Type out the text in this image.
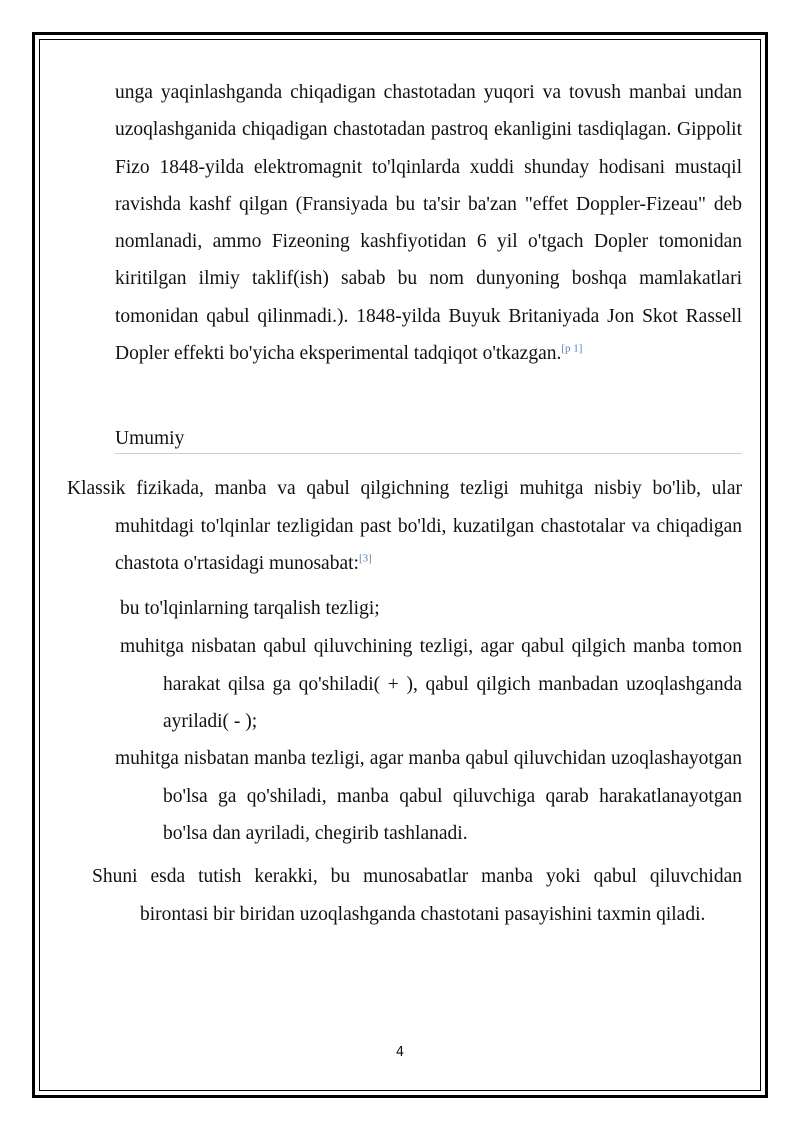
unga yaqinlashganda chiqadigan chastotadan yuqori va tovush manbai undan uzoqlashganida chiqadigan chastotadan pastroq ekanligini tasdiqlagan. Gippolit Fizo 1848-yilda elektromagnit to'lqinlarda xuddi shunday hodisani mustaqil ravishda kashf qilgan (Fransiyada bu ta'sir ba'zan "effet Doppler-Fizeau" deb nomlanadi, ammo Fizeoning kashfiyotidan 6 yil o'tgach Dopler tomonidan kiritilgan ilmiy taklif(ish) sabab bu nom dunyoning boshqa mamlakatlari tomonidan qabul qilinmadi.). 1848-yilda Buyuk Britaniyada Jon Skot Rassell Dopler effekti bo'yicha eksperimental tadqiqot o'tkazgan.[p 1]

Umumiy

Klassik fizikada, manba va qabul qilgichning tezligi muhitga nisbiy bo'lib, ular muhitdagi to'lqinlar tezligidan past bo'ldi, kuzatilgan chastotalar va chiqadigan chastota o'rtasidagi munosabat:[3]

bu to'lqinlarning tarqalish tezligi;

muhitga nisbatan qabul qiluvchining tezligi, agar qabul qilgich manba tomon harakat qilsa ga qo'shiladi( + ), qabul qilgich manbadan uzoqlashganda ayriladi( - );

muhitga nisbatan manba tezligi, agar manba qabul qiluvchidan uzoqlashayotgan bo'lsa ga qo'shiladi, manba qabul qiluvchiga qarab harakatlanayotgan bo'lsa dan ayriladi, chegirib tashlanadi.

Shuni esda tutish kerakki, bu munosabatlar manba yoki qabul qiluvchidan birontasi bir biridan uzoqlashganda chastotani pasayishini taxmin qiladi.

4
